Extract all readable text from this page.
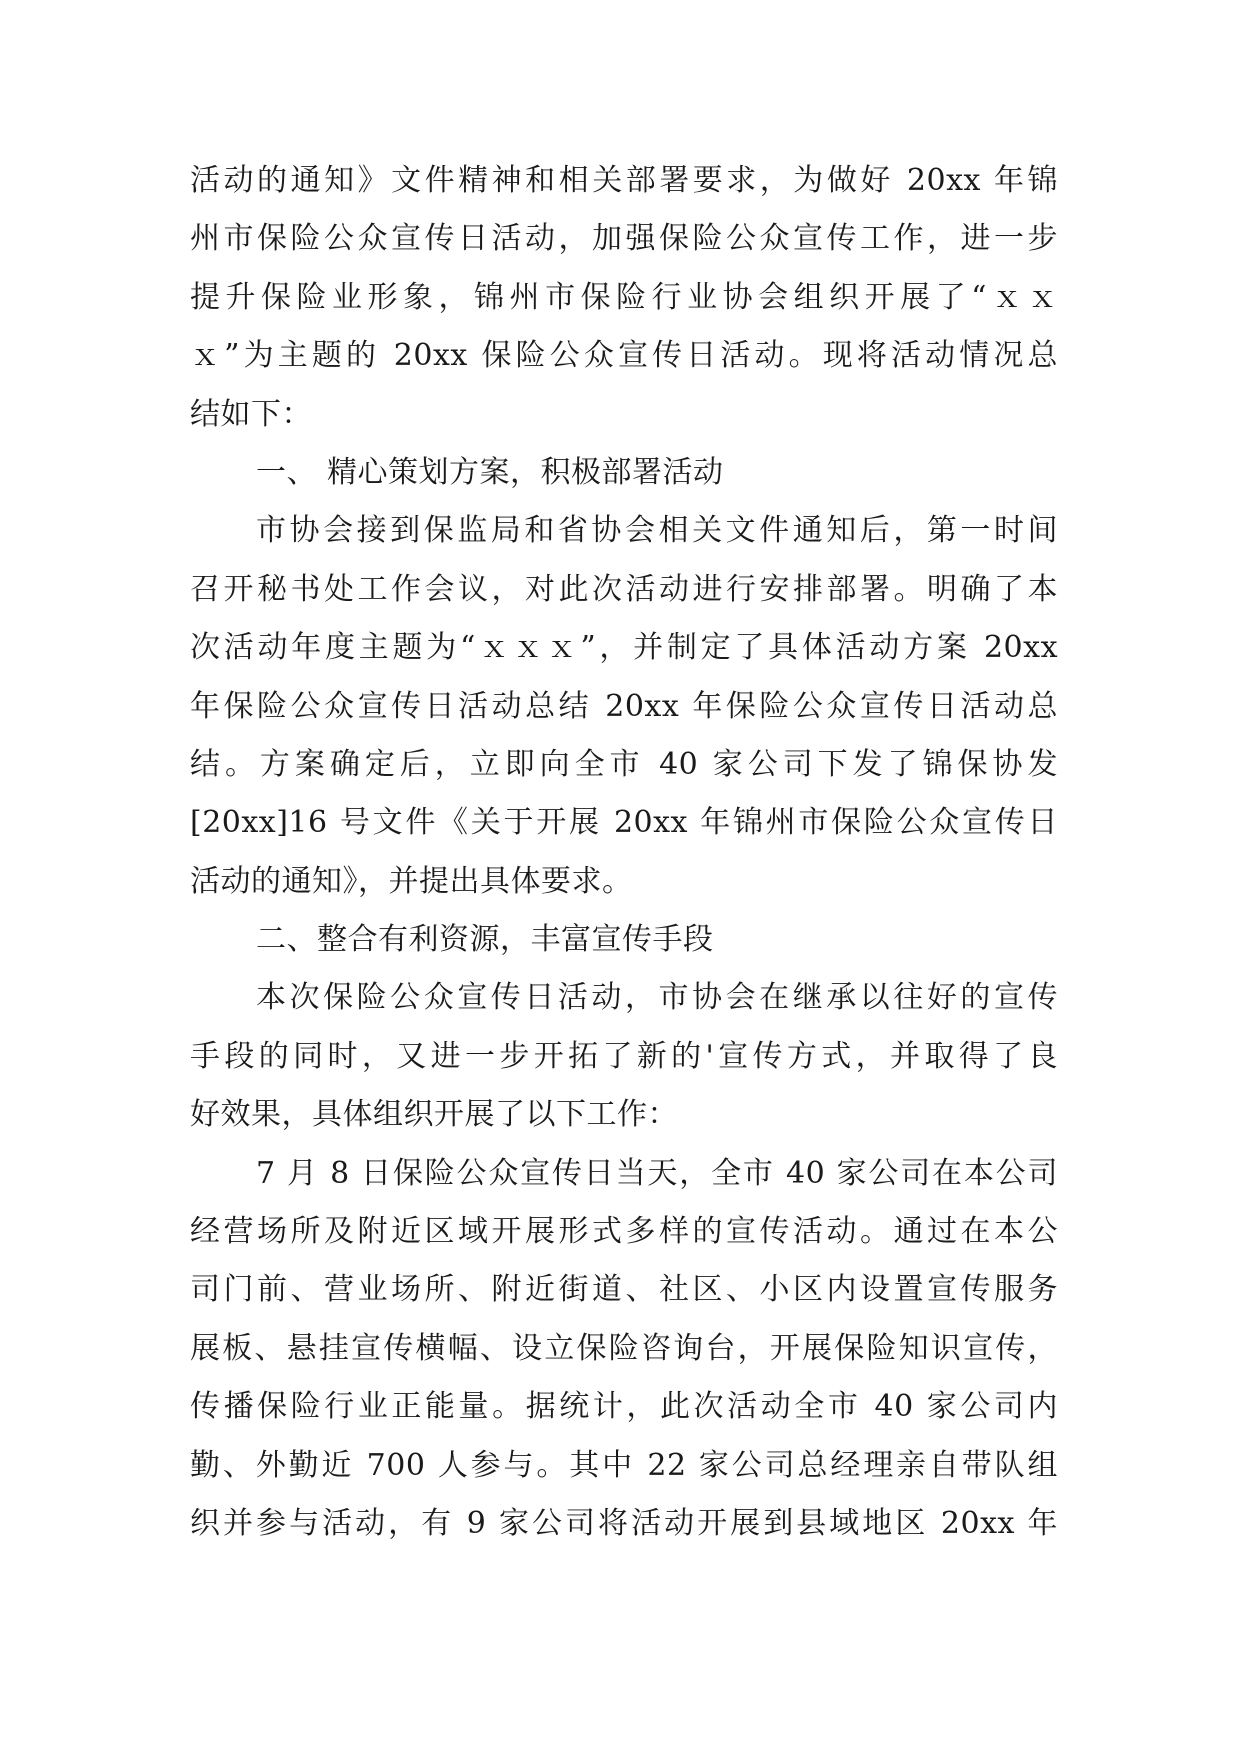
活动的通知》文件精神和相关部署要求，为做好 20xx 年锦
州市保险公众宣传日活动，加强保险公众宣传工作，进一步
提升保险业形象，锦州市保险行业协会组织开展了“ｘｘ
ｘ”为主题的 20xx 保险公众宣传日活动。现将活动情况总
结如下：
一、 精心策划方案，积极部署活动
市协会接到保监局和省协会相关文件通知后，第一时间
召开秘书处工作会议，对此次活动进行安排部署。明确了本
次活动年度主题为“ｘｘｘ”，并制定了具体活动方案 20xx
年保险公众宣传日活动总结 20xx 年保险公众宣传日活动总
结。方案确定后，立即向全市 40 家公司下发了锦保协发
[20xx]16 号文件《关于开展 20xx 年锦州市保险公众宣传日
活动的通知》，并提出具体要求。
二、整合有利资源，丰富宣传手段
本次保险公众宣传日活动，市协会在继承以往好的宣传
手段的同时，又进一步开拓了新的'宣传方式，并取得了良
好效果，具体组织开展了以下工作：
7 月 8 日保险公众宣传日当天，全市 40 家公司在本公司
经营场所及附近区域开展形式多样的宣传活动。通过在本公
司门前、营业场所、附近街道、社区、小区内设置宣传服务
展板、悬挂宣传横幅、设立保险咨询台，开展保险知识宣传，
传播保险行业正能量。据统计，此次活动全市 40 家公司内
勤、外勤近 700 人参与。其中 22 家公司总经理亲自带队组
织并参与活动，有 9 家公司将活动开展到县域地区 20xx 年
